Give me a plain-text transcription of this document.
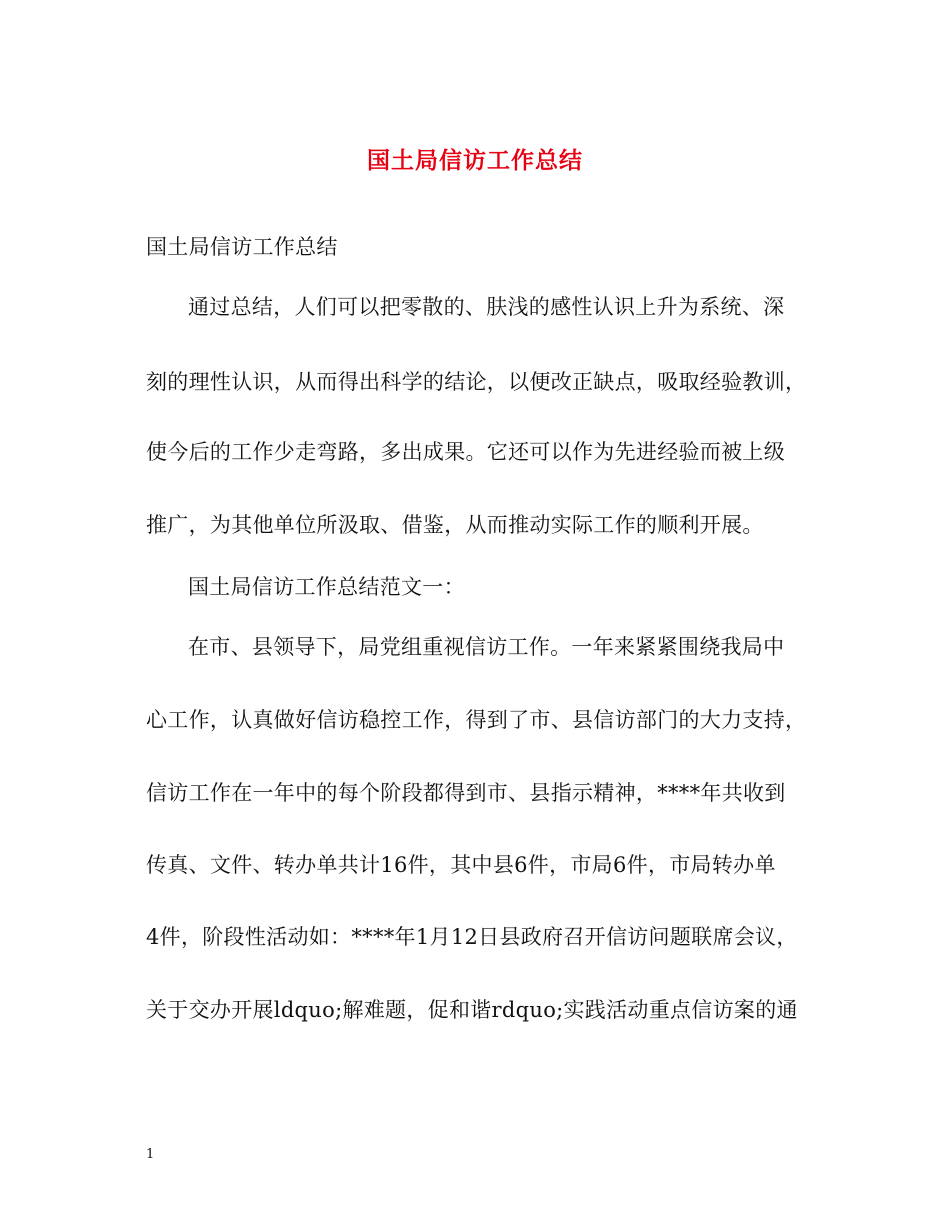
国土局信访工作总结
国土局信访工作总结
通过总结，人们可以把零散的、肤浅的感性认识上升为系统、深
刻的理性认识，从而得出科学的结论，以便改正缺点，吸取经验教训，
使今后的工作少走弯路，多出成果。它还可以作为先进经验而被上级
推广，为其他单位所汲取、借鉴，从而推动实际工作的顺利开展。
国土局信访工作总结范文一：
在市、县领导下，局党组重视信访工作。一年来紧紧围绕我局中
心工作，认真做好信访稳控工作，得到了市、县信访部门的大力支持，
信访工作在一年中的每个阶段都得到市、县指示精神，****年共收到
传真、文件、转办单共计16件，其中县6件，市局6件，市局转办单
4件，阶段性活动如：****年1月12日县政府召开信访问题联席会议，
关于交办开展ldquo;解难题，促和谐rdquo;实践活动重点信访案的通
1
